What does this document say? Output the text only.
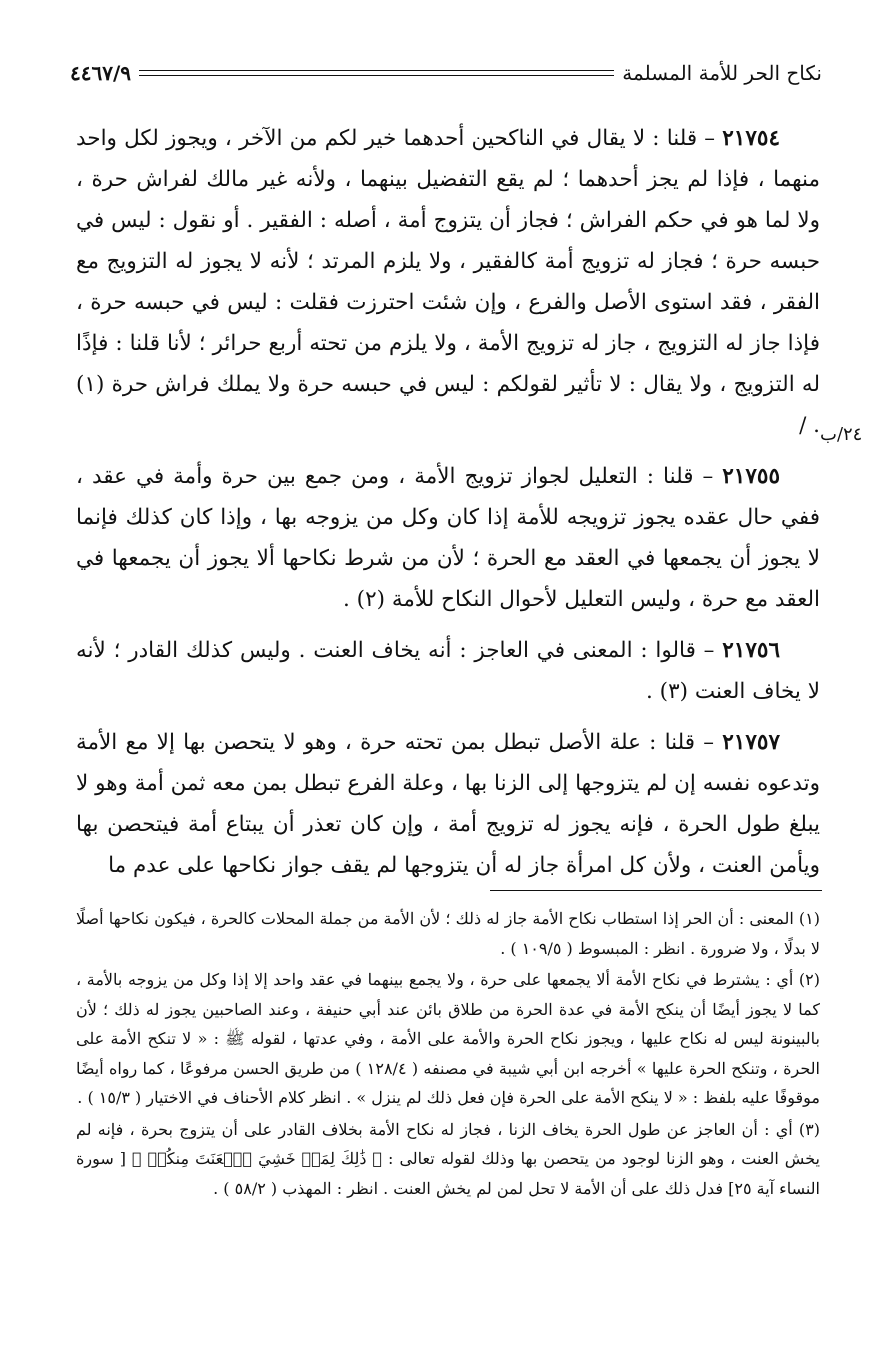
نكاح الحر للأمة المسلمة
٤٤٦٧/٩
٢٤/ب

٢١٧٥٤ – قلنا : لا يقال في الناكحين أحدهما خير لكم من الآخر ، ويجوز لكل واحد منهما ، فإذا لم يجز أحدهما ؛ لم يقع التفضيل بينهما ، ولأنه غير مالك لفراش حرة ، ولا لما هو في حكم الفراش ؛ فجاز أن يتزوج أمة ، أصله : الفقير . أو نقول : ليس في حبسه حرة ؛ فجاز له تزويج أمة كالفقير ، ولا يلزم المرتد ؛ لأنه لا يجوز له التزويج مع الفقر ، فقد استوى الأصل والفرع ، وإن شئت احترزت فقلت : ليس في حبسه حرة ، فإذا جاز له التزويج ، جاز له تزويج الأمة ، ولا يلزم من تحته أربع حرائر ؛ لأنا قلنا : فإذًا له التزويج ، ولا يقال : لا تأثير لقولكم : ليس في حبسه حرة ولا يملك فراش حرة (١) . /

٢١٧٥٥ – قلنا : التعليل لجواز تزويج الأمة ، ومن جمع بين حرة وأمة في عقد ، ففي حال عقده يجوز تزويجه للأمة إذا كان وكل من يزوجه بها ، وإذا كان كذلك فإنما لا يجوز أن يجمعها في العقد مع الحرة ؛ لأن من شرط نكاحها ألا يجوز أن يجمعها في العقد مع حرة ، وليس التعليل لأحوال النكاح للأمة (٢) .

٢١٧٥٦ – قالوا : المعنى في العاجز : أنه يخاف العنت . وليس كذلك القادر ؛ لأنه لا يخاف العنت (٣) .

٢١٧٥٧ – قلنا : علة الأصل تبطل بمن تحته حرة ، وهو لا يتحصن بها إلا مع الأمة وتدعوه نفسه إن لم يتزوجها إلى الزنا بها ، وعلة الفرع تبطل بمن معه ثمن أمة وهو لا يبلغ طول الحرة ، فإنه يجوز له تزويج أمة ، وإن كان تعذر أن يبتاع أمة فيتحصن بها ويأمن العنت ، ولأن كل امرأة جاز له أن يتزوجها لم يقف جواز نكاحها على عدم ما

(١) المعنى : أن الحر إذا استطاب نكاح الأمة جاز له ذلك ؛ لأن الأمة من جملة المحلات كالحرة ، فيكون نكاحها أصلًا لا بدلًا ، ولا ضرورة . انظر : المبسوط ( ١٠٩/٥ ) .

(٢) أي : يشترط في نكاح الأمة ألا يجمعها على حرة ، ولا يجمع بينهما في عقد واحد إلا إذا وكل من يزوجه بالأمة ، كما لا يجوز أيضًا أن ينكح الأمة في عدة الحرة من طلاق بائن عند أبي حنيفة ، وعند الصاحبين يجوز له ذلك ؛ لأن بالبينونة ليس له نكاح عليها ، ويجوز نكاح الحرة والأمة على الأمة ، وفي عدتها ، لقوله ﷺ : « لا تنكح الأمة على الحرة ، وتنكح الحرة عليها » أخرجه ابن أبي شيبة في مصنفه ( ١٢٨/٤ ) من طريق الحسن مرفوعًا ، كما رواه أيضًا موقوفًا عليه بلفظ : « لا ينكح الأمة على الحرة فإن فعل ذلك لم ينزل » . انظر كلام الأحناف في الاختيار ( ١٥/٣ ) .

(٣) أي : أن العاجز عن طول الحرة يخاف الزنا ، فجاز له نكاح الأمة بخلاف القادر على أن يتزوج بحرة ، فإنه لم يخش العنت ، وهو الزنا لوجود من يتحصن بها وذلك لقوله تعالى : ﴿ ذَٰلِكَ لِمَنۡ خَشِيَ ٱلۡعَنَتَ مِنكُمۡ ﴾ [ سورة النساء آية ٢٥] فدل ذلك على أن الأمة لا تحل لمن لم يخش العنت . انظر : المهذب ( ٥٨/٢ ) .
